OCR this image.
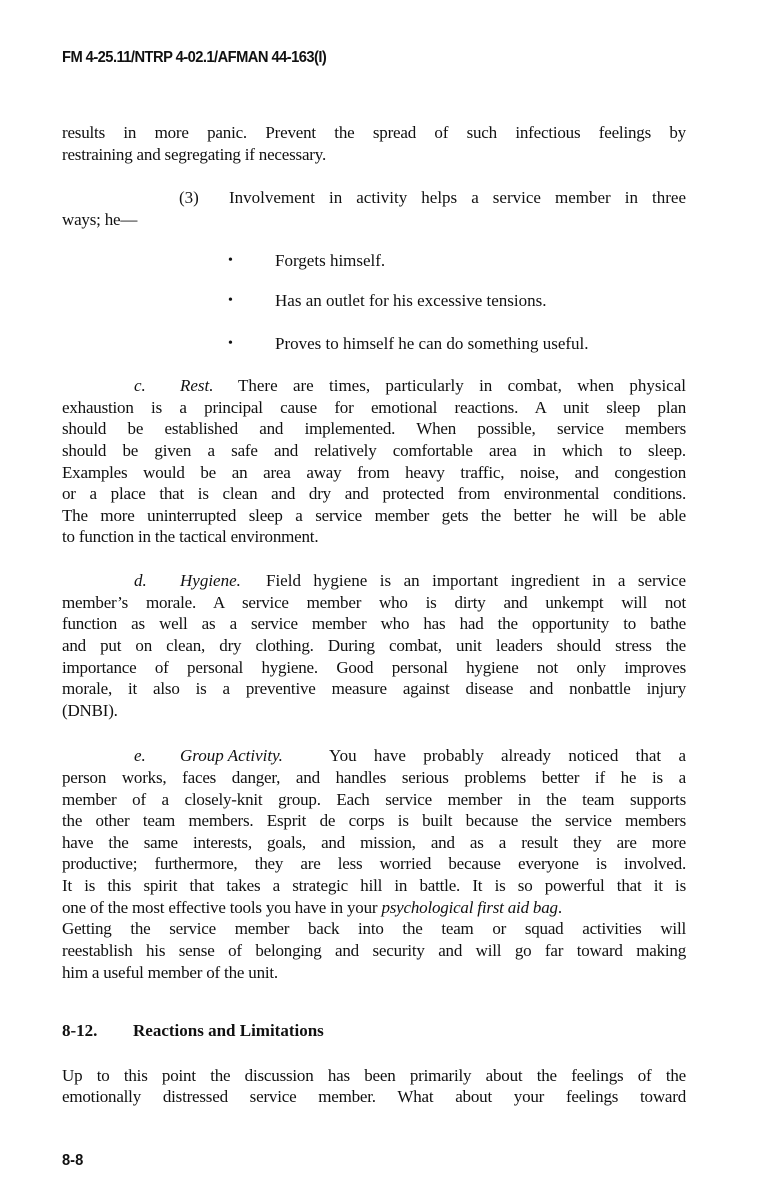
FM 4-25.11/NTRP 4-02.1/AFMAN 44-163(I)
results in more panic. Prevent the spread of such infectious feelings by
restraining and segregating if necessary.
(3) Involvement in activity helps a service member in three
ways; he—
• Forgets himself.
• Has an outlet for his excessive tensions.
• Proves to himself he can do something useful.
c. Rest. There are times, particularly in combat, when physical
exhaustion is a principal cause for emotional reactions. A unit sleep plan
should be established and implemented. When possible, service members
should be given a safe and relatively comfortable area in which to sleep.
Examples would be an area away from heavy traffic, noise, and congestion
or a place that is clean and dry and protected from environmental conditions.
The more uninterrupted sleep a service member gets the better he will be able
to function in the tactical environment.
d. Hygiene. Field hygiene is an important ingredient in a service
member’s morale. A service member who is dirty and unkempt will not
function as well as a service member who has had the opportunity to bathe
and put on clean, dry clothing. During combat, unit leaders should stress the
importance of personal hygiene. Good personal hygiene not only improves
morale, it also is a preventive measure against disease and nonbattle injury
(DNBI).
e. Group Activity.	You have probably already noticed that a
person works, faces danger, and handles serious problems better if he is a
member of a closely-knit group. Each service member in the team supports
the other team members. Esprit de corps is built because the service members
have the same interests, goals, and mission, and as a result they are more
productive; furthermore, they are less worried because everyone is involved.
It is this spirit that takes a strategic hill in battle. It is so powerful that it is
one of the most effective tools you have in your psychological first aid bag.
Getting the service member back into the team or squad activities will
reestablish his sense of belonging and security and will go far toward making
him a useful member of the unit.
8-12. Reactions and Limitations
Up to this point the discussion has been primarily about the feelings of the
emotionally distressed service member. What about your feelings toward
8-8
